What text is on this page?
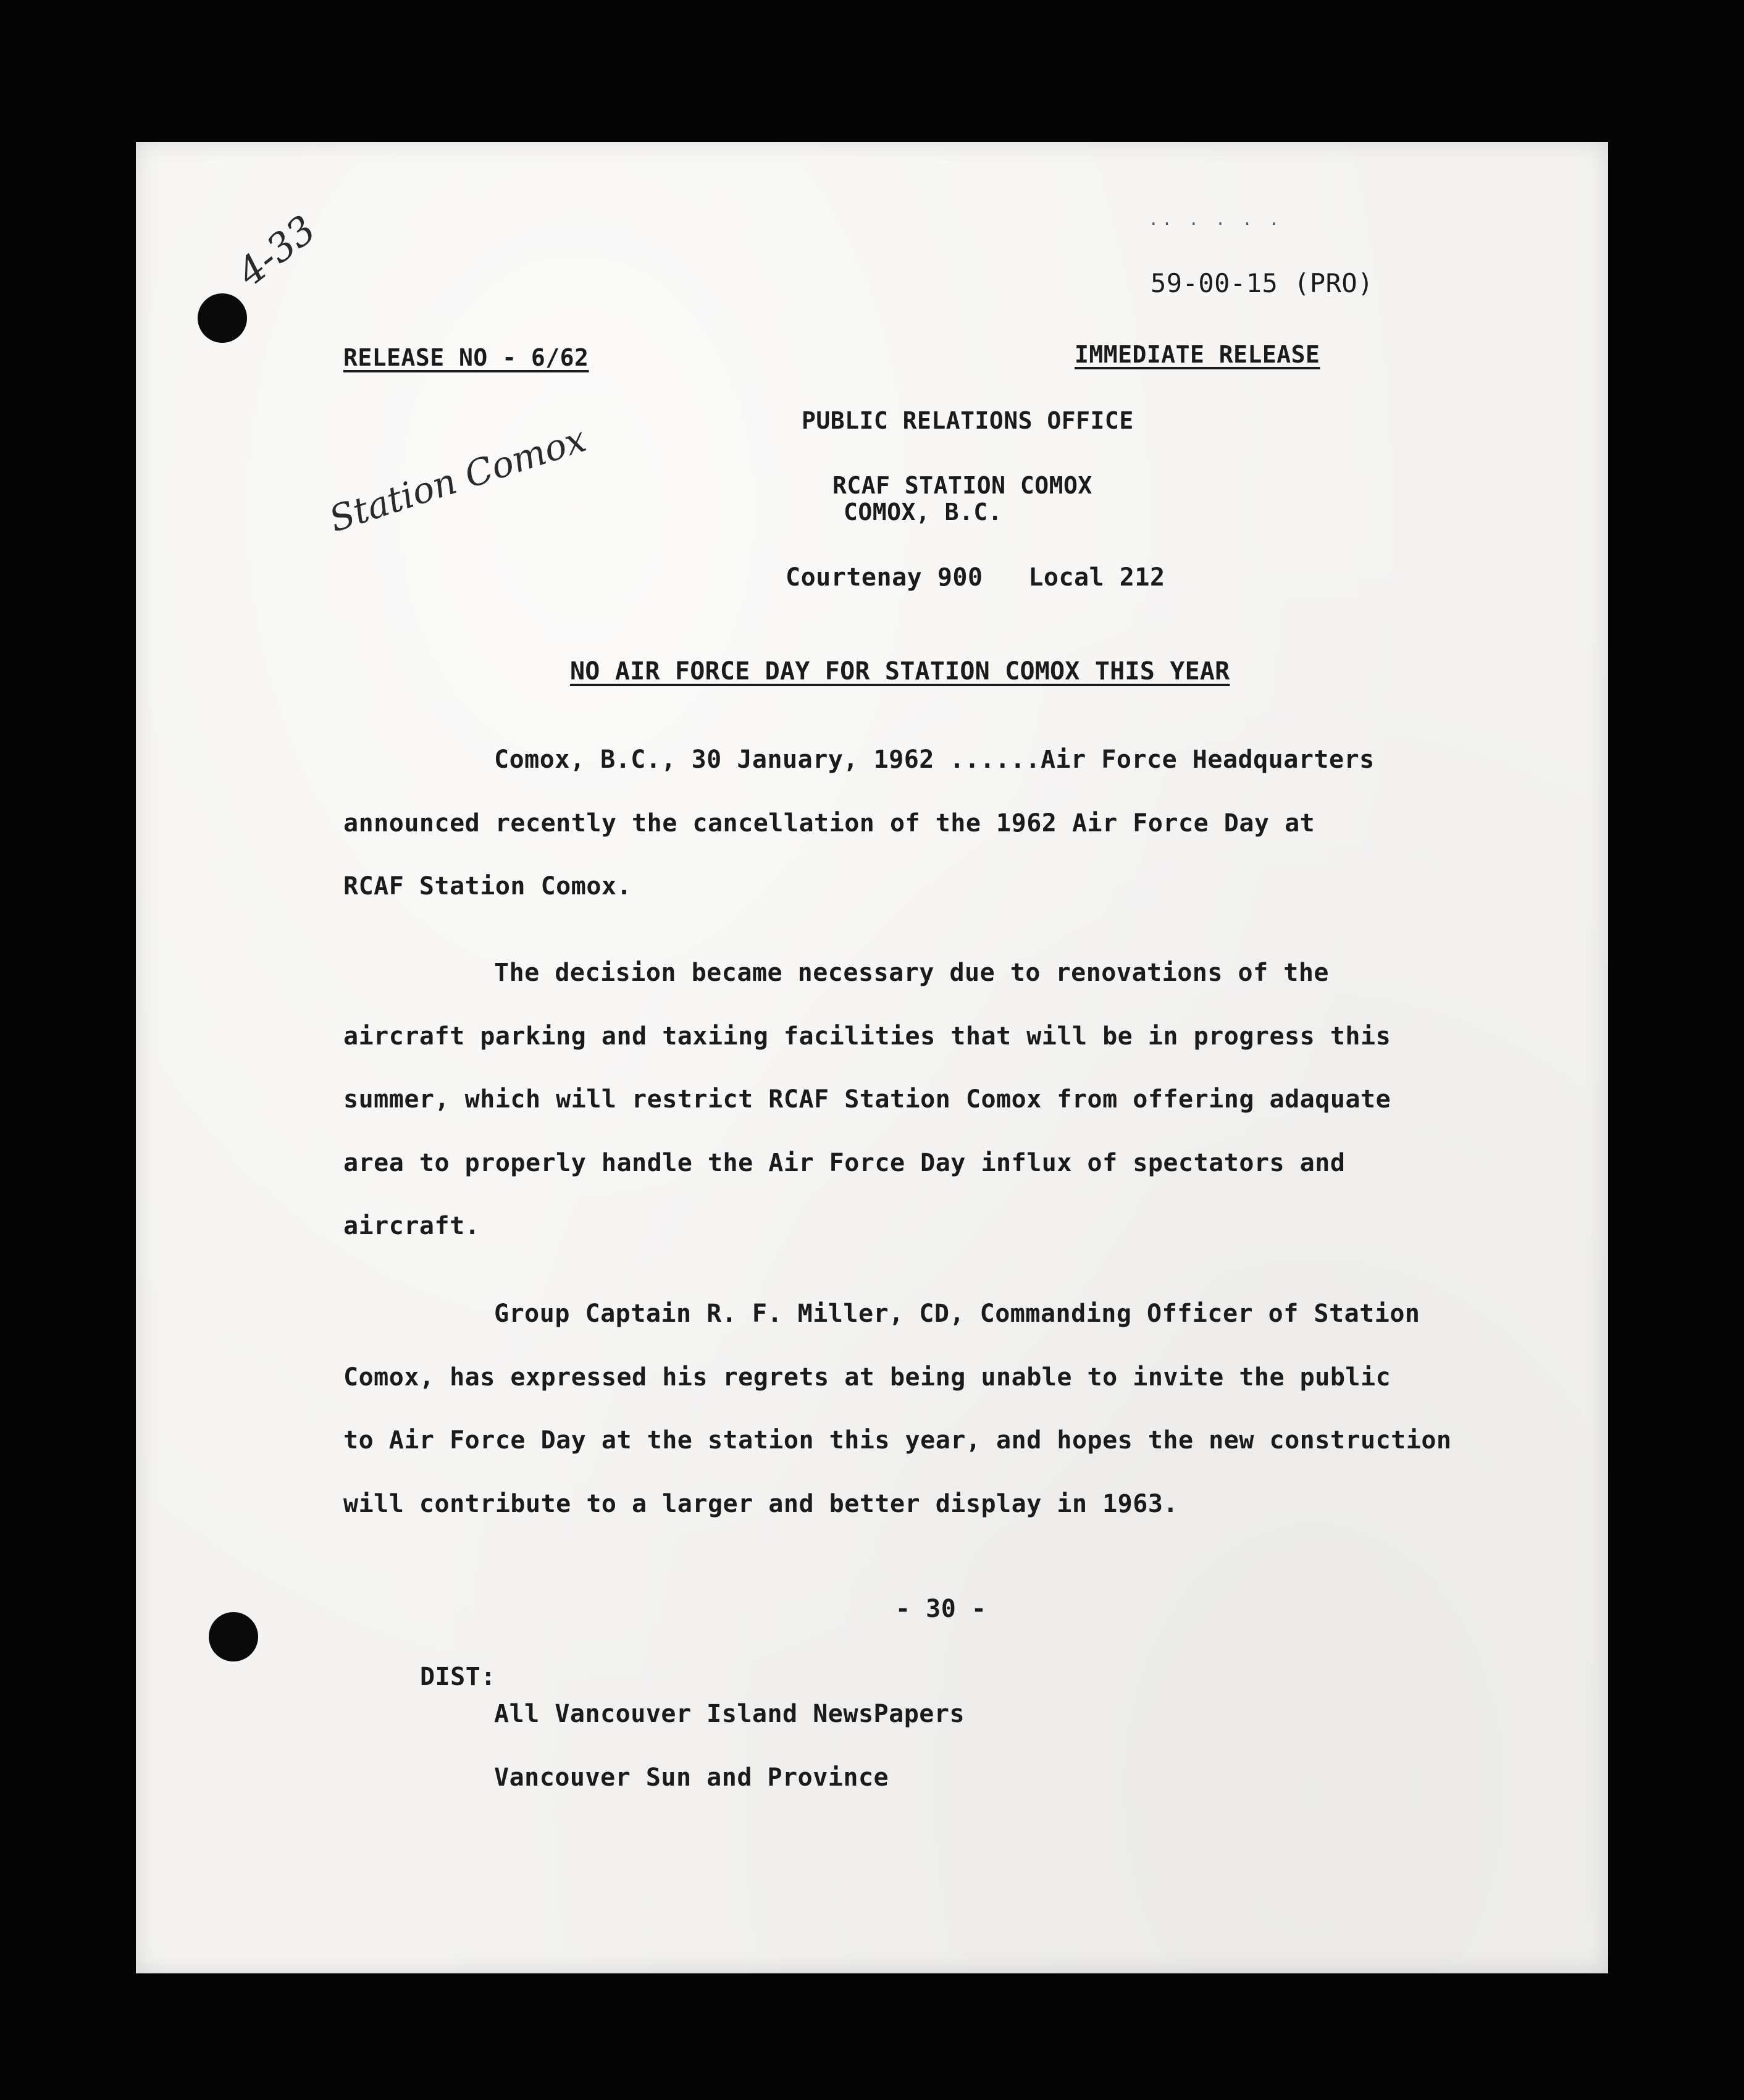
4-33
Station Comox
·· · · · ·
59-00-15 (PRO)
RELEASE NO - 6/62	IMMEDIATE RELEASE
PUBLIC RELATIONS OFFICE
RCAF STATION COMOX
COMOX, B.C.
Courtenay 900   Local 212
NO AIR FORCE DAY FOR STATION COMOX THIS YEAR
Comox, B.C., 30 January, 1962 ......Air Force Headquarters
announced recently the cancellation of the 1962 Air Force Day at
RCAF Station Comox.
The decision became necessary due to renovations of the
aircraft parking and taxiing facilities that will be in progress this
summer, which will restrict RCAF Station Comox from offering adaquate
area to properly handle the Air Force Day influx of spectators and
aircraft.
Group Captain R. F. Miller, CD, Commanding Officer of Station
Comox, has expressed his regrets at being unable to invite the public
to Air Force Day at the station this year, and hopes the new construction
will contribute to a larger and better display in 1963.
- 30 -
DIST:
All Vancouver Island NewsPapers
Vancouver Sun and Province
